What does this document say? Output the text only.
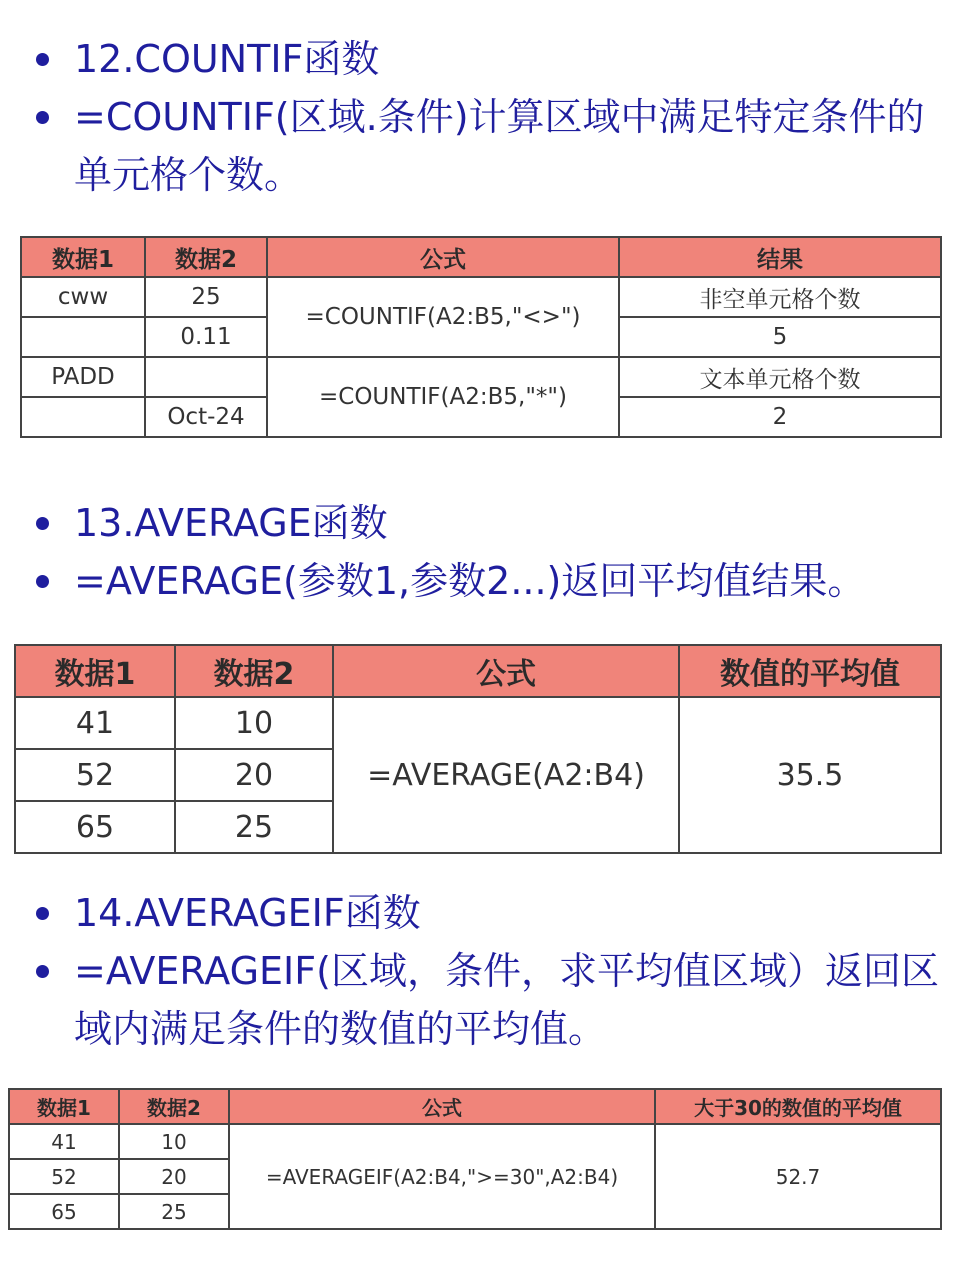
12.COUNTIF函数
=COUNTIF(区域.条件)计算区域中满足特定条件的单元格个数。
数据1	数据2	公式	结果
cww	25	=COUNTIF(A2:B5,"<>")	非空单元格个数
	0.11		5
PADD		=COUNTIF(A2:B5,"*")	文本单元格个数
	Oct-24		2
13.AVERAGE函数
=AVERAGE(参数1,参数2...)返回平均值结果。
数据1	数据2	公式	数值的平均值
41	10	=AVERAGE(A2:B4)	35.5
52	20		
65	25		
14.AVERAGEIF函数
=AVERAGEIF(区域，条件，求平均值区域）返回区域内满足条件的数值的平均值。
数据1	数据2	公式	大于30的数值的平均值
41	10	=AVERAGEIF(A2:B4,">=30",A2:B4)	52.7
52	20		
65	25		
